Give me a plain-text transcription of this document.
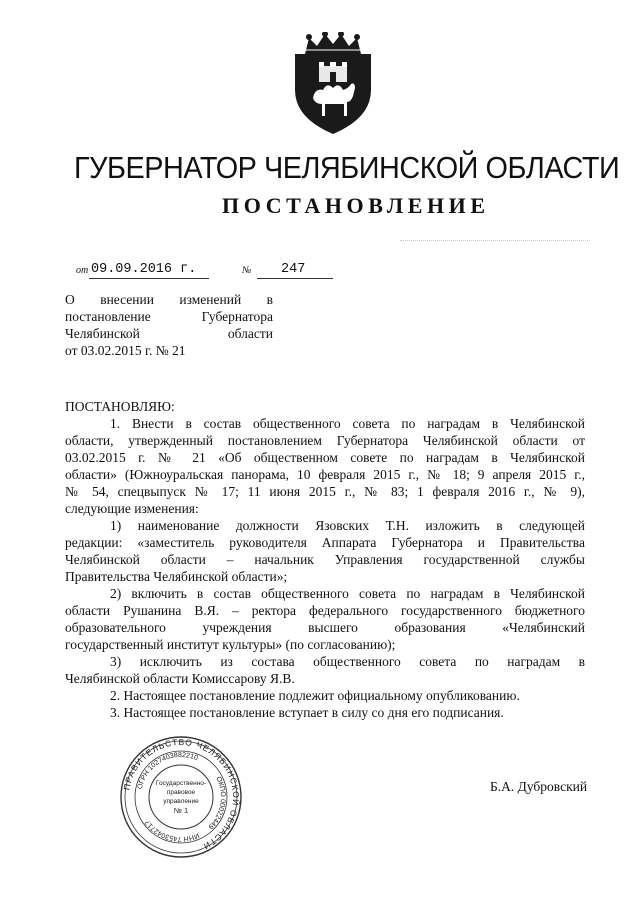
ГУБЕРНАТОР ЧЕЛЯБИНСКОЙ ОБЛАСТИ
ПОСТАНОВЛЕНИЕ
от 09.09.2016 г.	№ 247
О внесении изменений в
постановление Губернатора
Челябинской области
от 03.02.2015 г. № 21
ПОСТАНОВЛЯЮ:
1. Внести в состав общественного совета по наградам в Челябинской
области, утвержденный постановлением Губернатора Челябинской области от
03.02.2015 г. № 21 «Об общественном совете по наградам в Челябинской
области» (Южноуральская панорама, 10 февраля 2015 г., № 18; 9 апреля 2015 г.,
№ 54, спецвыпуск № 17; 11 июня 2015 г., № 83; 1 февраля 2016 г., № 9),
следующие изменения:
1) наименование должности Язовских Т.Н. изложить в следующей
редакции: «заместитель руководителя Аппарата Губернатора и Правительства
Челябинской области – начальник Управления государственной службы
Правительства Челябинской области»;
2) включить в состав общественного совета по наградам в Челябинской
области Рушанина В.Я. – ректора федерального государственного бюджетного
образовательного учреждения высшего образования «Челябинский
государственный институт культуры» (по согласованию);
3) исключить из состава общественного совета по наградам в
Челябинской области Комиссарову Я.В.
2. Настоящее постановление подлежит официальному опубликованию.
3. Настоящее постановление вступает в силу со дня его подписания.
ПРАВИТЕЛЬСТВО ЧЕЛЯБИНСКОЙ ОБЛАСТИ
ОГРН 1027403882210
ОКПО 00022449
ИНН 7453042717
Государственно-
правовое
управление
№ 1
Б.А. Дубровский
